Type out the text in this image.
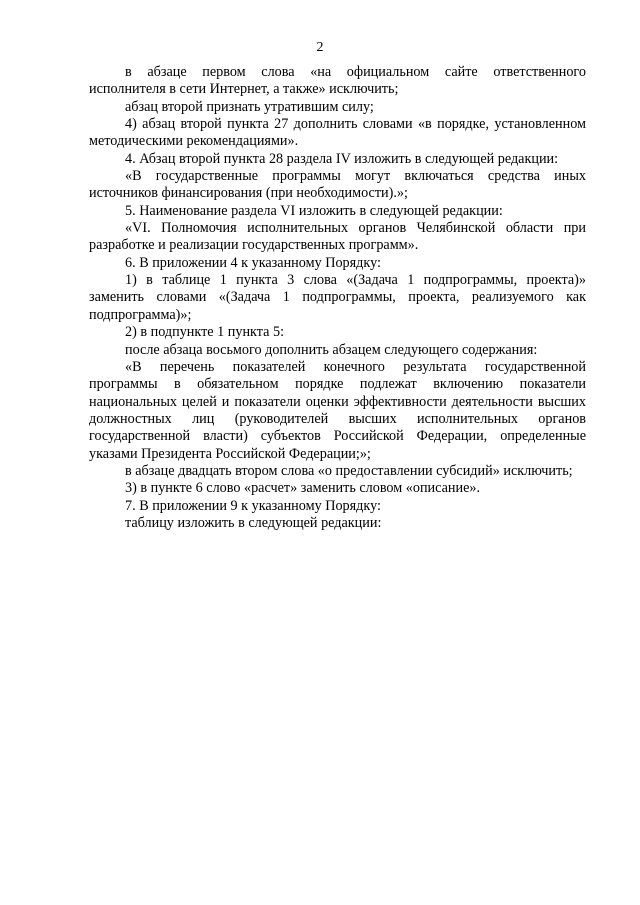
2
в абзаце первом слова «на официальном сайте ответственного
исполнителя в сети Интернет, а также» исключить;
абзац второй признать утратившим силу;
4) абзац второй пункта 27 дополнить словами «в порядке, установленном
методическими рекомендациями».
4. Абзац второй пункта 28 раздела IV изложить в следующей редакции:
«В государственные программы могут включаться средства иных
источников финансирования (при необходимости).»;
5. Наименование раздела VI изложить в следующей редакции:
«VI. Полномочия исполнительных органов Челябинской области при
разработке и реализации государственных программ».
6. В приложении 4 к указанному Порядку:
1) в таблице 1 пункта 3 слова «(Задача 1 подпрограммы, проекта)»
заменить словами «(Задача 1 подпрограммы, проекта, реализуемого как
подпрограмма)»;
2) в подпункте 1 пункта 5:
после абзаца восьмого дополнить абзацем следующего содержания:
«В перечень показателей конечного результата государственной
программы в обязательном порядке подлежат включению показатели
национальных целей и показатели оценки эффективности деятельности высших
должностных лиц (руководителей высших исполнительных органов
государственной власти) субъектов Российской Федерации, определенные
указами Президента Российской Федерации;»;
в абзаце двадцать втором слова «о предоставлении субсидий» исключить;
3) в пункте 6 слово «расчет» заменить словом «описание».
7. В приложении 9 к указанному Порядку:
таблицу изложить в следующей редакции:
